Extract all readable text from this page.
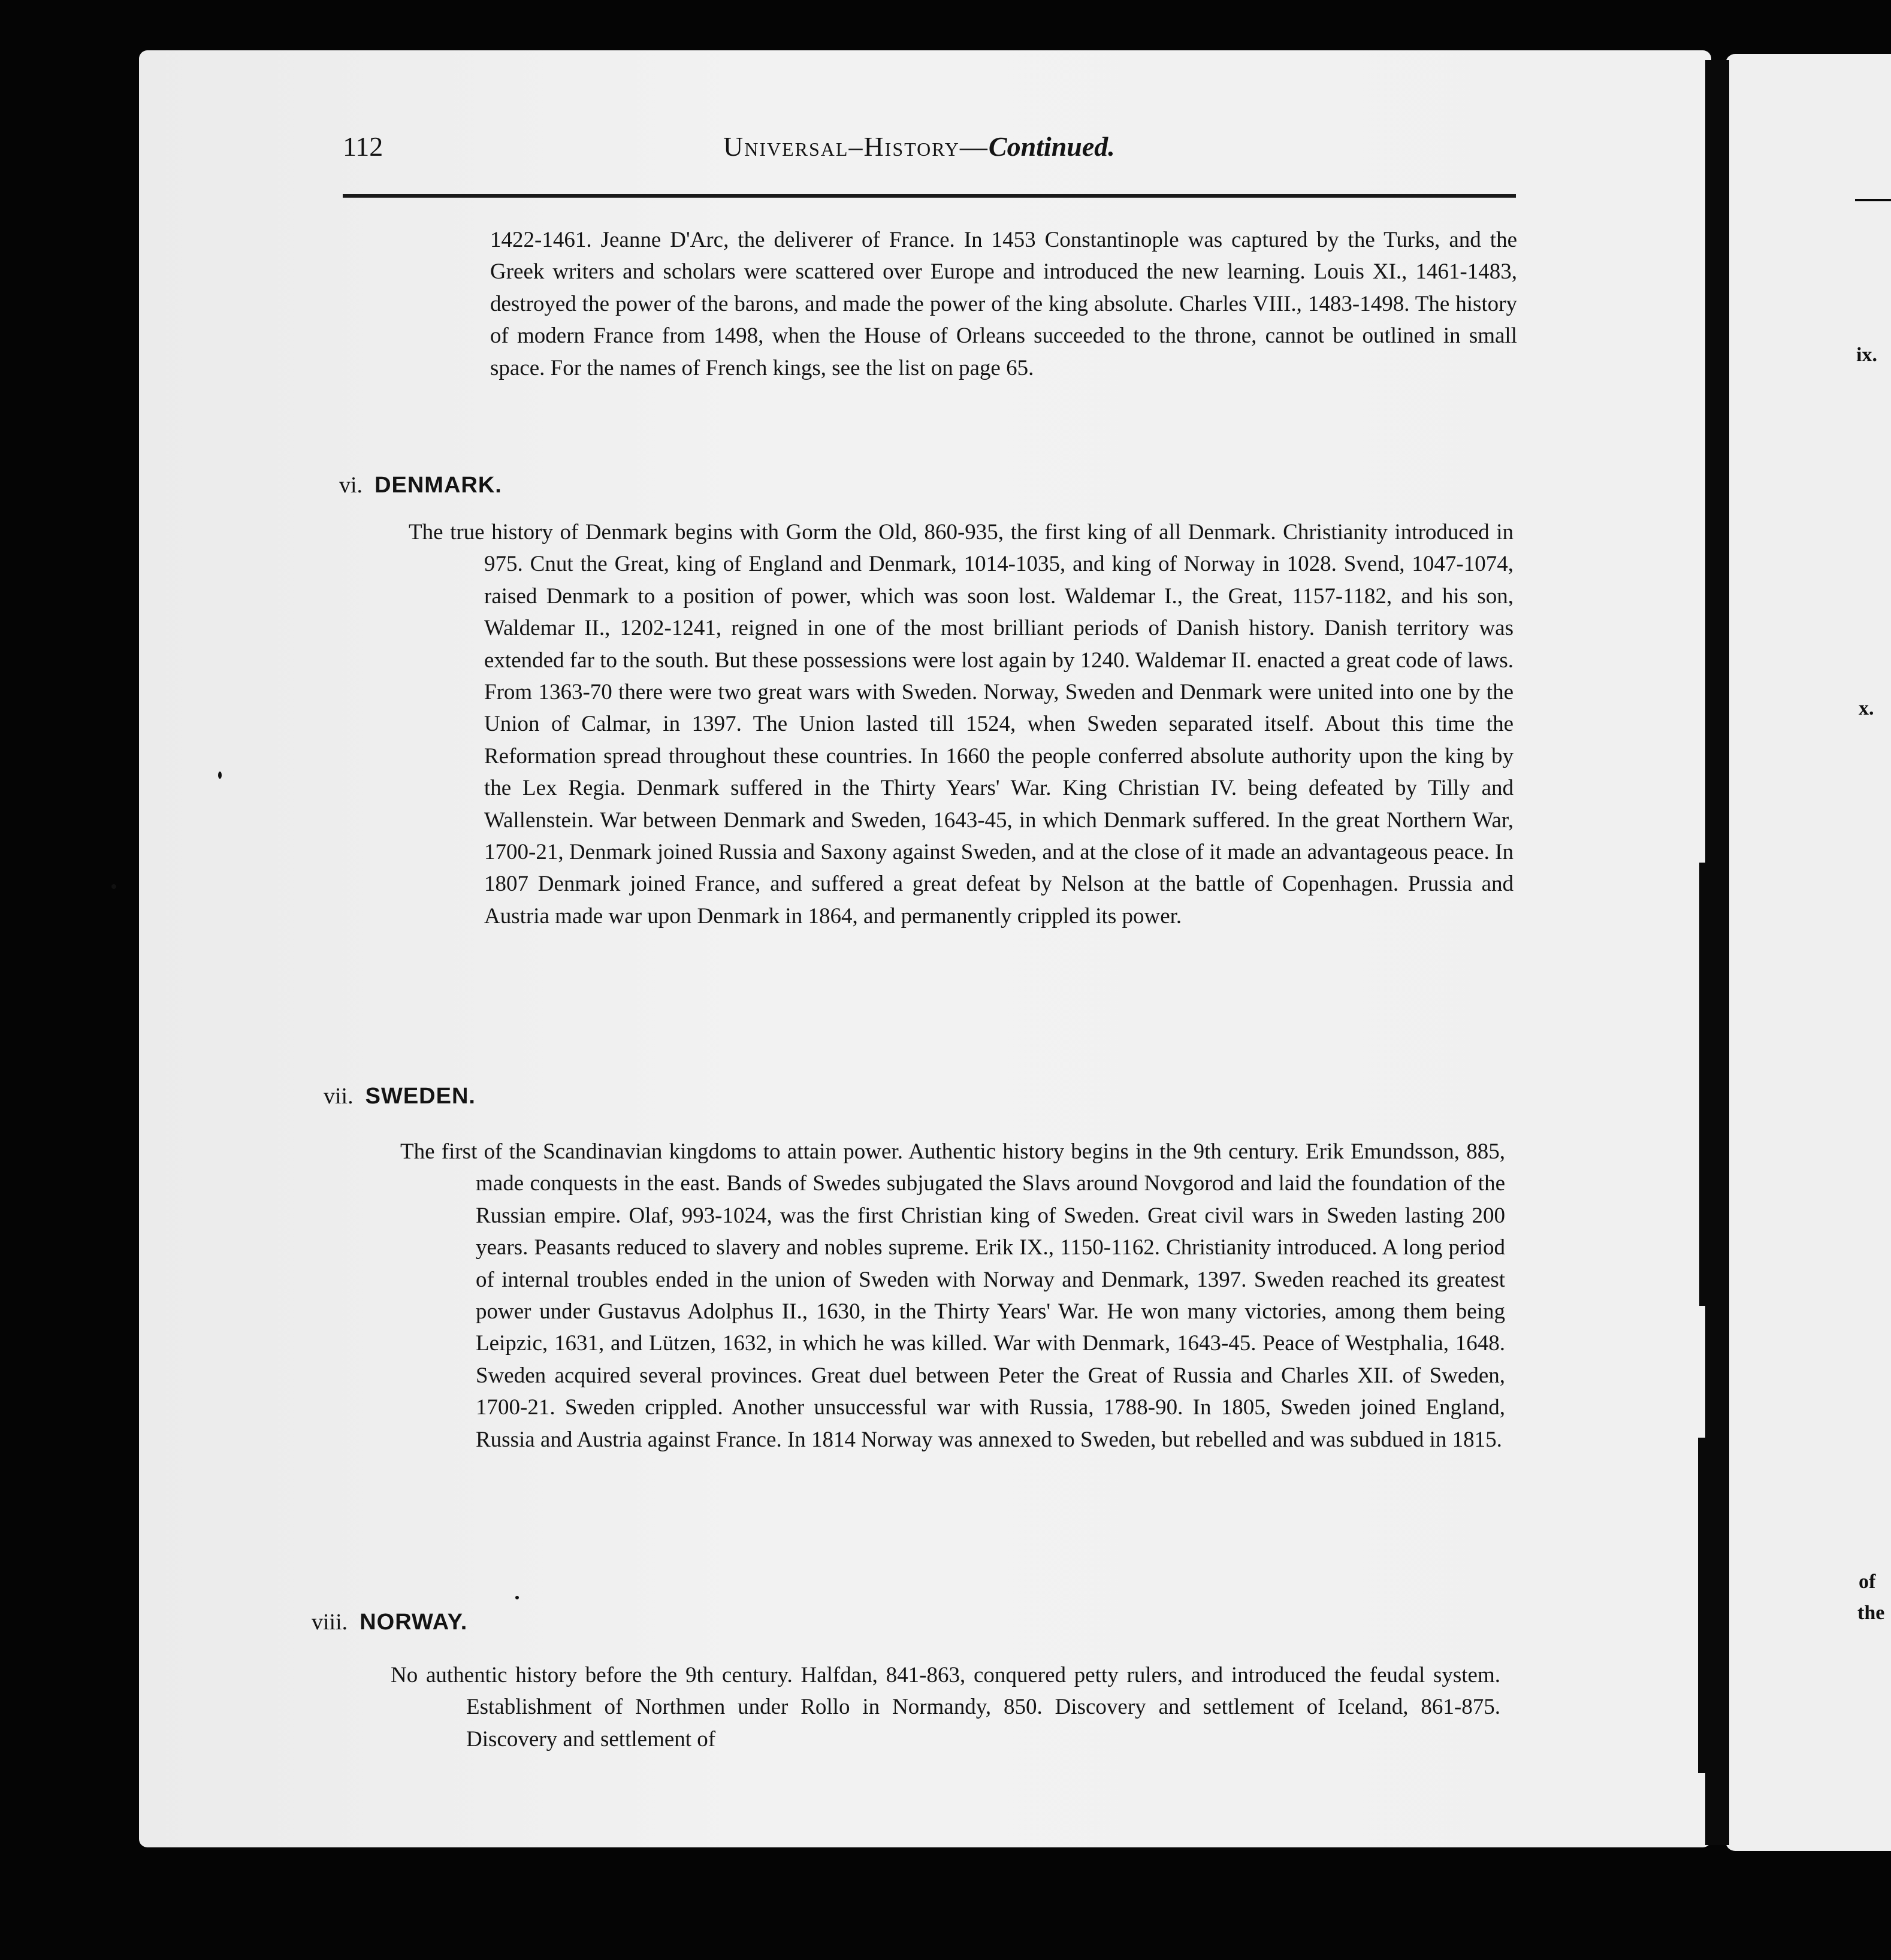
112	Universal–History—Continued.

1422-1461. Jeanne D'Arc, the deliverer of France. In 1453 Constantinople was captured by the Turks, and the Greek writers and scholars were scattered over Europe and introduced the new learning. Louis XI., 1461-1483, destroyed the power of the barons, and made the power of the king absolute. Charles VIII., 1483-1498. The history of modern France from 1498, when the House of Orleans succeeded to the throne, cannot be outlined in small space. For the names of French kings, see the list on page 65.

vi. DENMARK.

The true history of Denmark begins with Gorm the Old, 860-935, the first king of all Denmark. Christianity introduced in 975. Cnut the Great, king of England and Denmark, 1014-1035, and king of Norway in 1028. Svend, 1047-1074, raised Denmark to a position of power, which was soon lost. Waldemar I., the Great, 1157-1182, and his son, Waldemar II., 1202-1241, reigned in one of the most brilliant periods of Danish history. Danish territory was extended far to the south. But these possessions were lost again by 1240. Waldemar II. enacted a great code of laws. From 1363-70 there were two great wars with Sweden. Norway, Sweden and Denmark were united into one by the Union of Calmar, in 1397. The Union lasted till 1524, when Sweden separated itself. About this time the Reformation spread throughout these countries. In 1660 the people conferred absolute authority upon the king by the Lex Regia. Denmark suffered in the Thirty Years' War. King Christian IV. being defeated by Tilly and Wallenstein. War between Denmark and Sweden, 1643-45, in which Denmark suffered. In the great Northern War, 1700-21, Denmark joined Russia and Saxony against Sweden, and at the close of it made an advantageous peace. In 1807 Denmark joined France, and suffered a great defeat by Nelson at the battle of Copenhagen. Prussia and Austria made war upon Denmark in 1864, and permanently crippled its power.

vii. SWEDEN.

The first of the Scandinavian kingdoms to attain power. Authentic history begins in the 9th century. Erik Emundsson, 885, made conquests in the east. Bands of Swedes subjugated the Slavs around Novgorod and laid the foundation of the Russian empire. Olaf, 993-1024, was the first Christian king of Sweden. Great civil wars in Sweden lasting 200 years. Peasants reduced to slavery and nobles supreme. Erik IX., 1150-1162. Christianity introduced. A long period of internal troubles ended in the union of Sweden with Norway and Denmark, 1397. Sweden reached its greatest power under Gustavus Adolphus II., 1630, in the Thirty Years' War. He won many victories, among them being Leipzic, 1631, and Lützen, 1632, in which he was killed. War with Denmark, 1643-45. Peace of Westphalia, 1648. Sweden acquired several provinces. Great duel between Peter the Great of Russia and Charles XII. of Sweden, 1700-21. Sweden crippled. Another unsuccessful war with Russia, 1788-90. In 1805, Sweden joined England, Russia and Austria against France. In 1814 Norway was annexed to Sweden, but rebelled and was subdued in 1815.

viii. NORWAY.

No authentic history before the 9th century. Halfdan, 841-863, conquered petty rulers, and introduced the feudal system. Establishment of Northmen under Rollo in Normandy, 850. Discovery and settlement of Iceland, 861-875. Discovery and settlement of

ix.
x.
of
the
